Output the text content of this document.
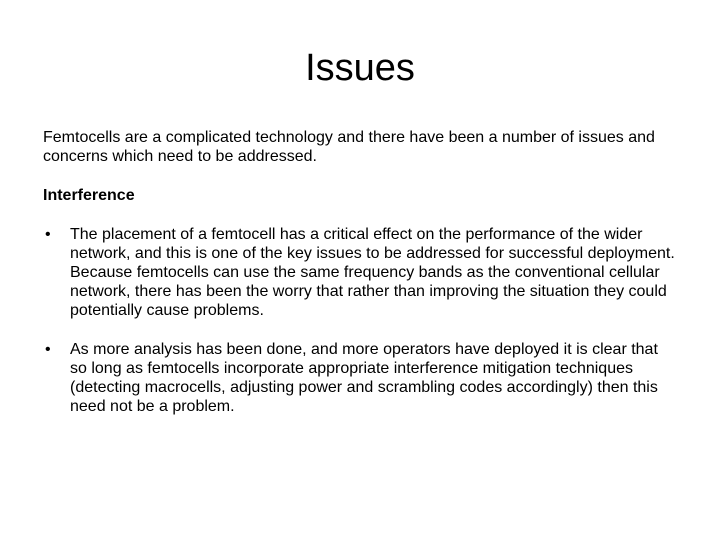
Issues

Femtocells are a complicated technology and there have been a number of issues and concerns which need to be addressed.

Interference

• The placement of a femtocell has a critical effect on the performance of the wider network, and this is one of the key issues to be addressed for successful deployment. Because femtocells can use the same frequency bands as the conventional cellular network, there has been the worry that rather than improving the situation they could potentially cause problems.
• As more analysis has been done, and more operators have deployed it is clear that so long as femtocells incorporate appropriate interference mitigation techniques (detecting macrocells, adjusting power and scrambling codes accordingly) then this need not be a problem.
